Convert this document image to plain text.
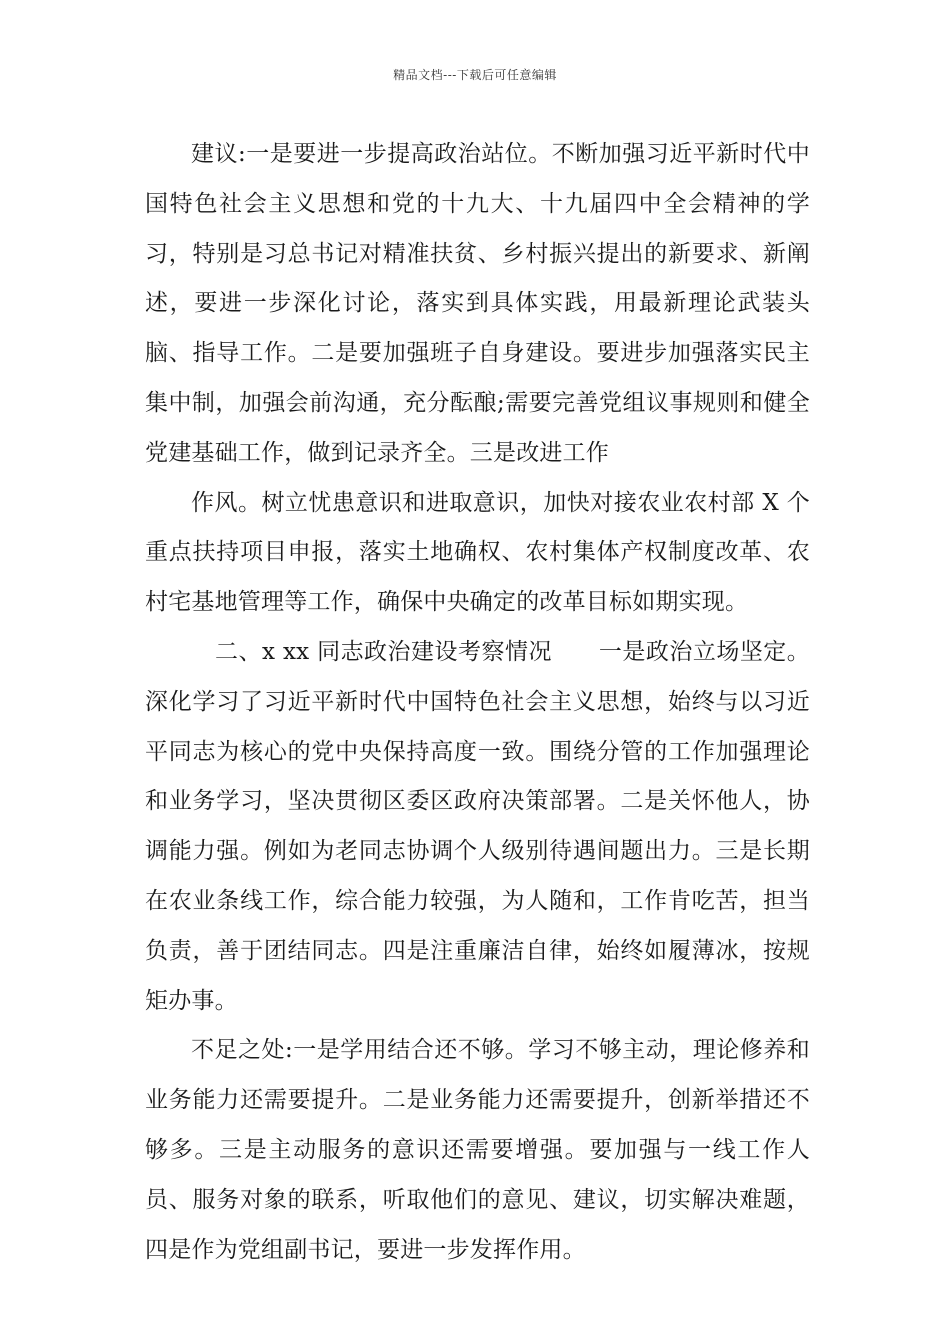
精品文档---下载后可任意编辑

建议:一是要进一步提高政治站位。不断加强习近平新时代中国特色社会主义思想和党的十九大、十九届四中全会精神的学习，特别是习总书记对精准扶贫、乡村振兴提出的新要求、新阐述，要进一步深化讨论，落实到具体实践，用最新理论武装头脑、指导工作。二是要加强班子自身建设。要进步加强落实民主集中制，加强会前沟通，充分酝酿;需要完善党组议事规则和健全党建基础工作，做到记录齐全。三是改进工作

作风。树立忧患意识和进取意识，加快对接农业农村部 X 个重点扶持项目申报，落实土地确权、农村集体产权制度改革、农村宅基地管理等工作，确保中央确定的改革目标如期实现。

二、x xx 同志政治建设考察情况　　一是政治立场坚定。深化学习了习近平新时代中国特色社会主义思想，始终与以习近平同志为核心的党中央保持高度一致。围绕分管的工作加强理论和业务学习，坚决贯彻区委区政府决策部署。二是关怀他人，协调能力强。例如为老同志协调个人级别待遇间题出力。三是长期在农业条线工作，综合能力较强，为人随和，工作肯吃苦，担当负责，善于团结同志。四是注重廉洁自律，始终如履薄冰，按规矩办事。

不足之处:一是学用结合还不够。学习不够主动，理论修养和业务能力还需要提升。二是业务能力还需要提升，创新举措还不够多。三是主动服务的意识还需要增强。要加强与一线工作人员、服务对象的联系，听取他们的意见、建议，切实解决难题，四是作为党组副书记，要进一步发挥作用。
